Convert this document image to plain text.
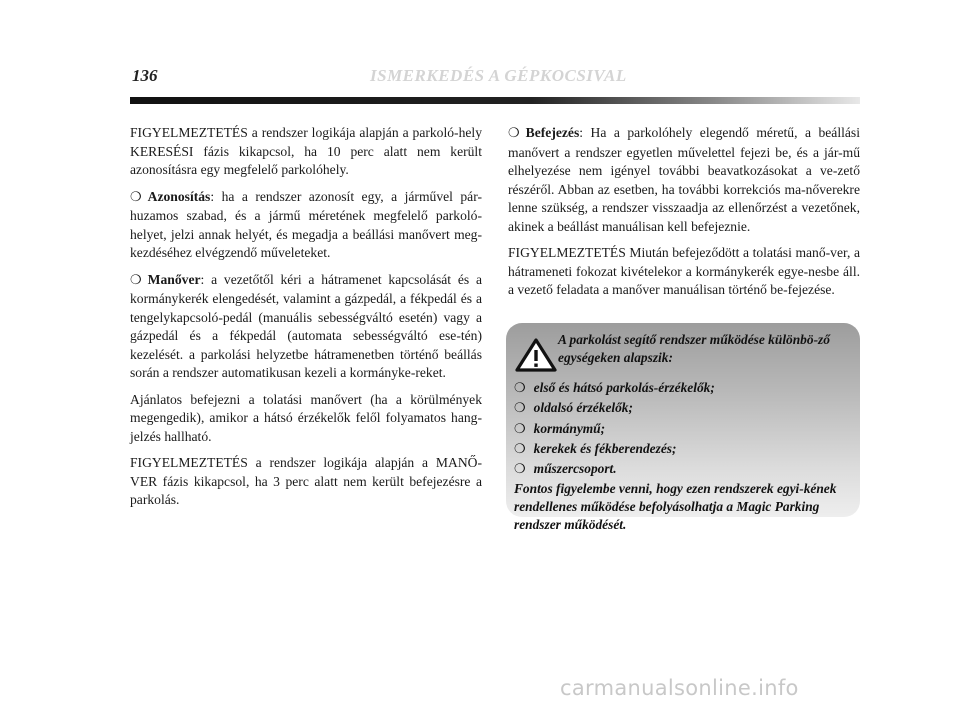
136	ISMERKEDÉS A GÉPKOCSIVAL

FIGYELMEZTETÉS a rendszer logikája alapján a parkoló-hely KERESÉSI fázis kikapcsol, ha 10 perc alatt nem került azonosításra egy megfelelő parkolóhely.

❍ Azonosítás: ha a rendszer azonosít egy, a járművel pár-huzamos szabad, és a jármű méretének megfelelő parkoló-helyet, jelzi annak helyét, és megadja a beállási manővert meg-kezdéséhez elvégzendő műveleteket.

❍ Manőver: a vezetőtől kéri a hátramenet kapcsolását és a kormánykerék elengedését, valamint a gázpedál, a fékpedál és a tengelykapcsoló-pedál (manuális sebességváltó esetén) vagy a gázpedál és a fékpedál (automata sebességváltó ese-tén) kezelését. a parkolási helyzetbe hátramenetben történő beállás során a rendszer automatikusan kezeli a kormányke-reket.

Ajánlatos befejezni a tolatási manővert (ha a körülmények megengedik), amikor a hátsó érzékelők felől folyamatos hang-jelzés hallható.

FIGYELMEZTETÉS a rendszer logikája alapján a MANŐ-VER fázis kikapcsol, ha 3 perc alatt nem került befejezésre a parkolás.

❍ Befejezés: Ha a parkolóhely elegendő méretű, a beállási manővert a rendszer egyetlen művelettel fejezi be, és a jár-mű elhelyezése nem igényel további beavatkozásokat a ve-zető részéről. Abban az esetben, ha további korrekciós ma-nőverekre lenne szükség, a rendszer visszaadja az ellenőrzést a vezetőnek, akinek a beállást manuálisan kell befejeznie.

FIGYELMEZTETÉS Miután befejeződött a tolatási manő-ver, a hátrameneti fokozat kivételekor a kormánykerék egye-nesbe áll. a vezető feladata a manőver manuálisan történő be-fejezése.

A parkolást segítő rendszer működése különbö-ző egységeken alapszik:
❍ első és hátsó parkolás-érzékelők;
❍ oldalsó érzékelők;
❍ kormánymű;
❍ kerekek és fékberendezés;
❍ műszercsoport.
Fontos figyelembe venni, hogy ezen rendszerek egyi-kének rendellenes működése befolyásolhatja a Magic Parking rendszer működését.
carmanualsonline.info
